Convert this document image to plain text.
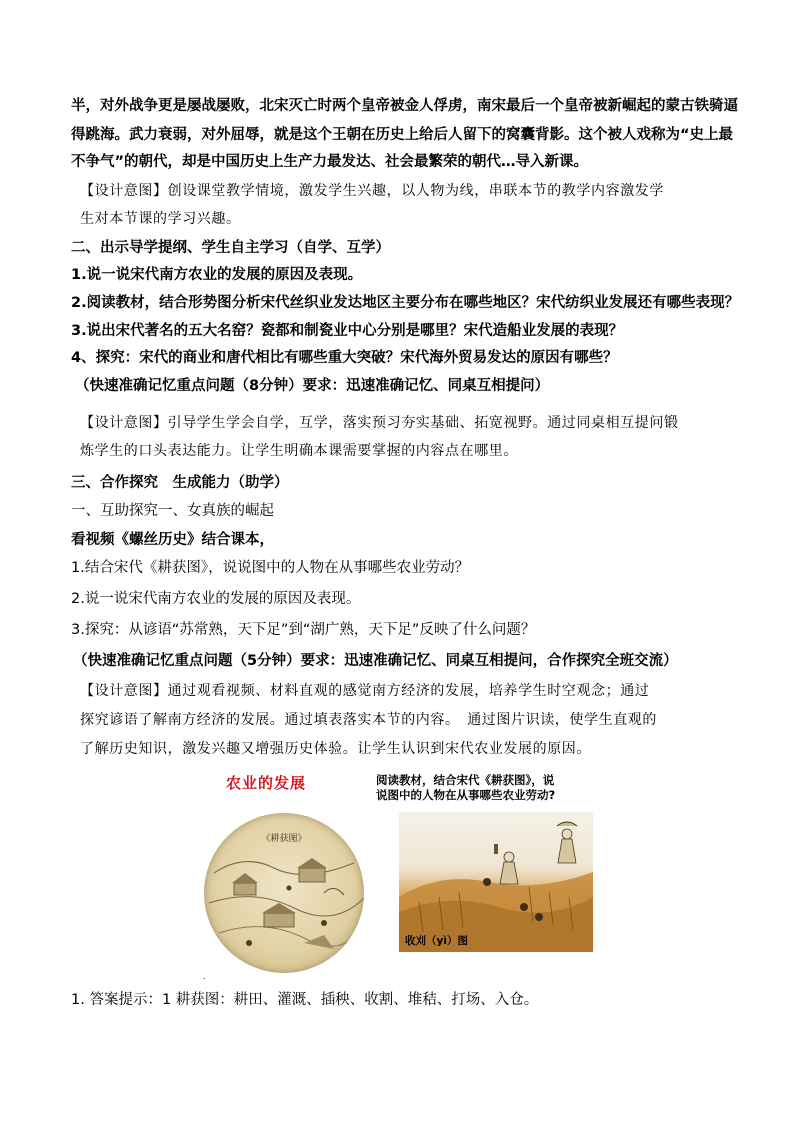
半，对外战争更是屡战屡败，北宋灭亡时两个皇帝被金人俘虏，南宋最后一个皇帝被新崛起的蒙古铁骑逼
得跳海。武力衰弱，对外屈辱，就是这个王朝在历史上给后人留下的窝囊背影。这个被人戏称为“史上最
不争气”的朝代，却是中国历史上生产力最发达、社会最繁荣的朝代…导入新课。
【设计意图】创设课堂教学情境，激发学生兴趣，以人物为线，串联本节的教学内容激发学
生对本节课的学习兴趣。
二、出示导学提纲、学生自主学习（自学、互学）
1.说一说宋代南方农业的发展的原因及表现。
2.阅读教材，结合形势图分析宋代丝织业发达地区主要分布在哪些地区？宋代纺织业发展还有哪些表现？
3.说出宋代著名的五大名窑？瓷都和制瓷业中心分别是哪里？宋代造船业发展的表现？
4、探究：宋代的商业和唐代相比有哪些重大突破？宋代海外贸易发达的原因有哪些？
（快速准确记忆重点问题（8分钟）要求：迅速准确记忆、同桌互相提问）
【设计意图】引导学生学会自学，互学，落实预习夯实基础、拓宽视野。通过同桌相互提问锻
炼学生的口头表达能力。让学生明确本课需要掌握的内容点在哪里。
三、合作探究　生成能力（助学）
一、互助探究一、女真族的崛起
看视频《螺丝历史》结合课本，
1.结合宋代《耕获图》，说说图中的人物在从事哪些农业劳动？
2.说一说宋代南方农业的发展的原因及表现。
3.探究：从谚语“苏常熟，天下足”到“湖广熟，天下足”反映了什么问题？
（快速准确记忆重点问题（5分钟）要求：迅速准确记忆、同桌互相提问，合作探究全班交流）
【设计意图】通过观看视频、材料直观的感觉南方经济的发展，培养学生时空观念；通过
探究谚语了解南方经济的发展。通过填表落实本节的内容。　通过图片识读，使学生直观的
了解历史知识，激发兴趣又增强历史体验。让学生认识到宋代农业发展的原因。
农业的发展	阅读教材，结合宋代《耕获图》，说
说图中的人物在从事哪些农业劳动?
《耕获图》
收刈（yì）图
.
1. 答案提示：1 耕获图：耕田、灌溉、插秧、收割、堆秸、打场、入仓。
